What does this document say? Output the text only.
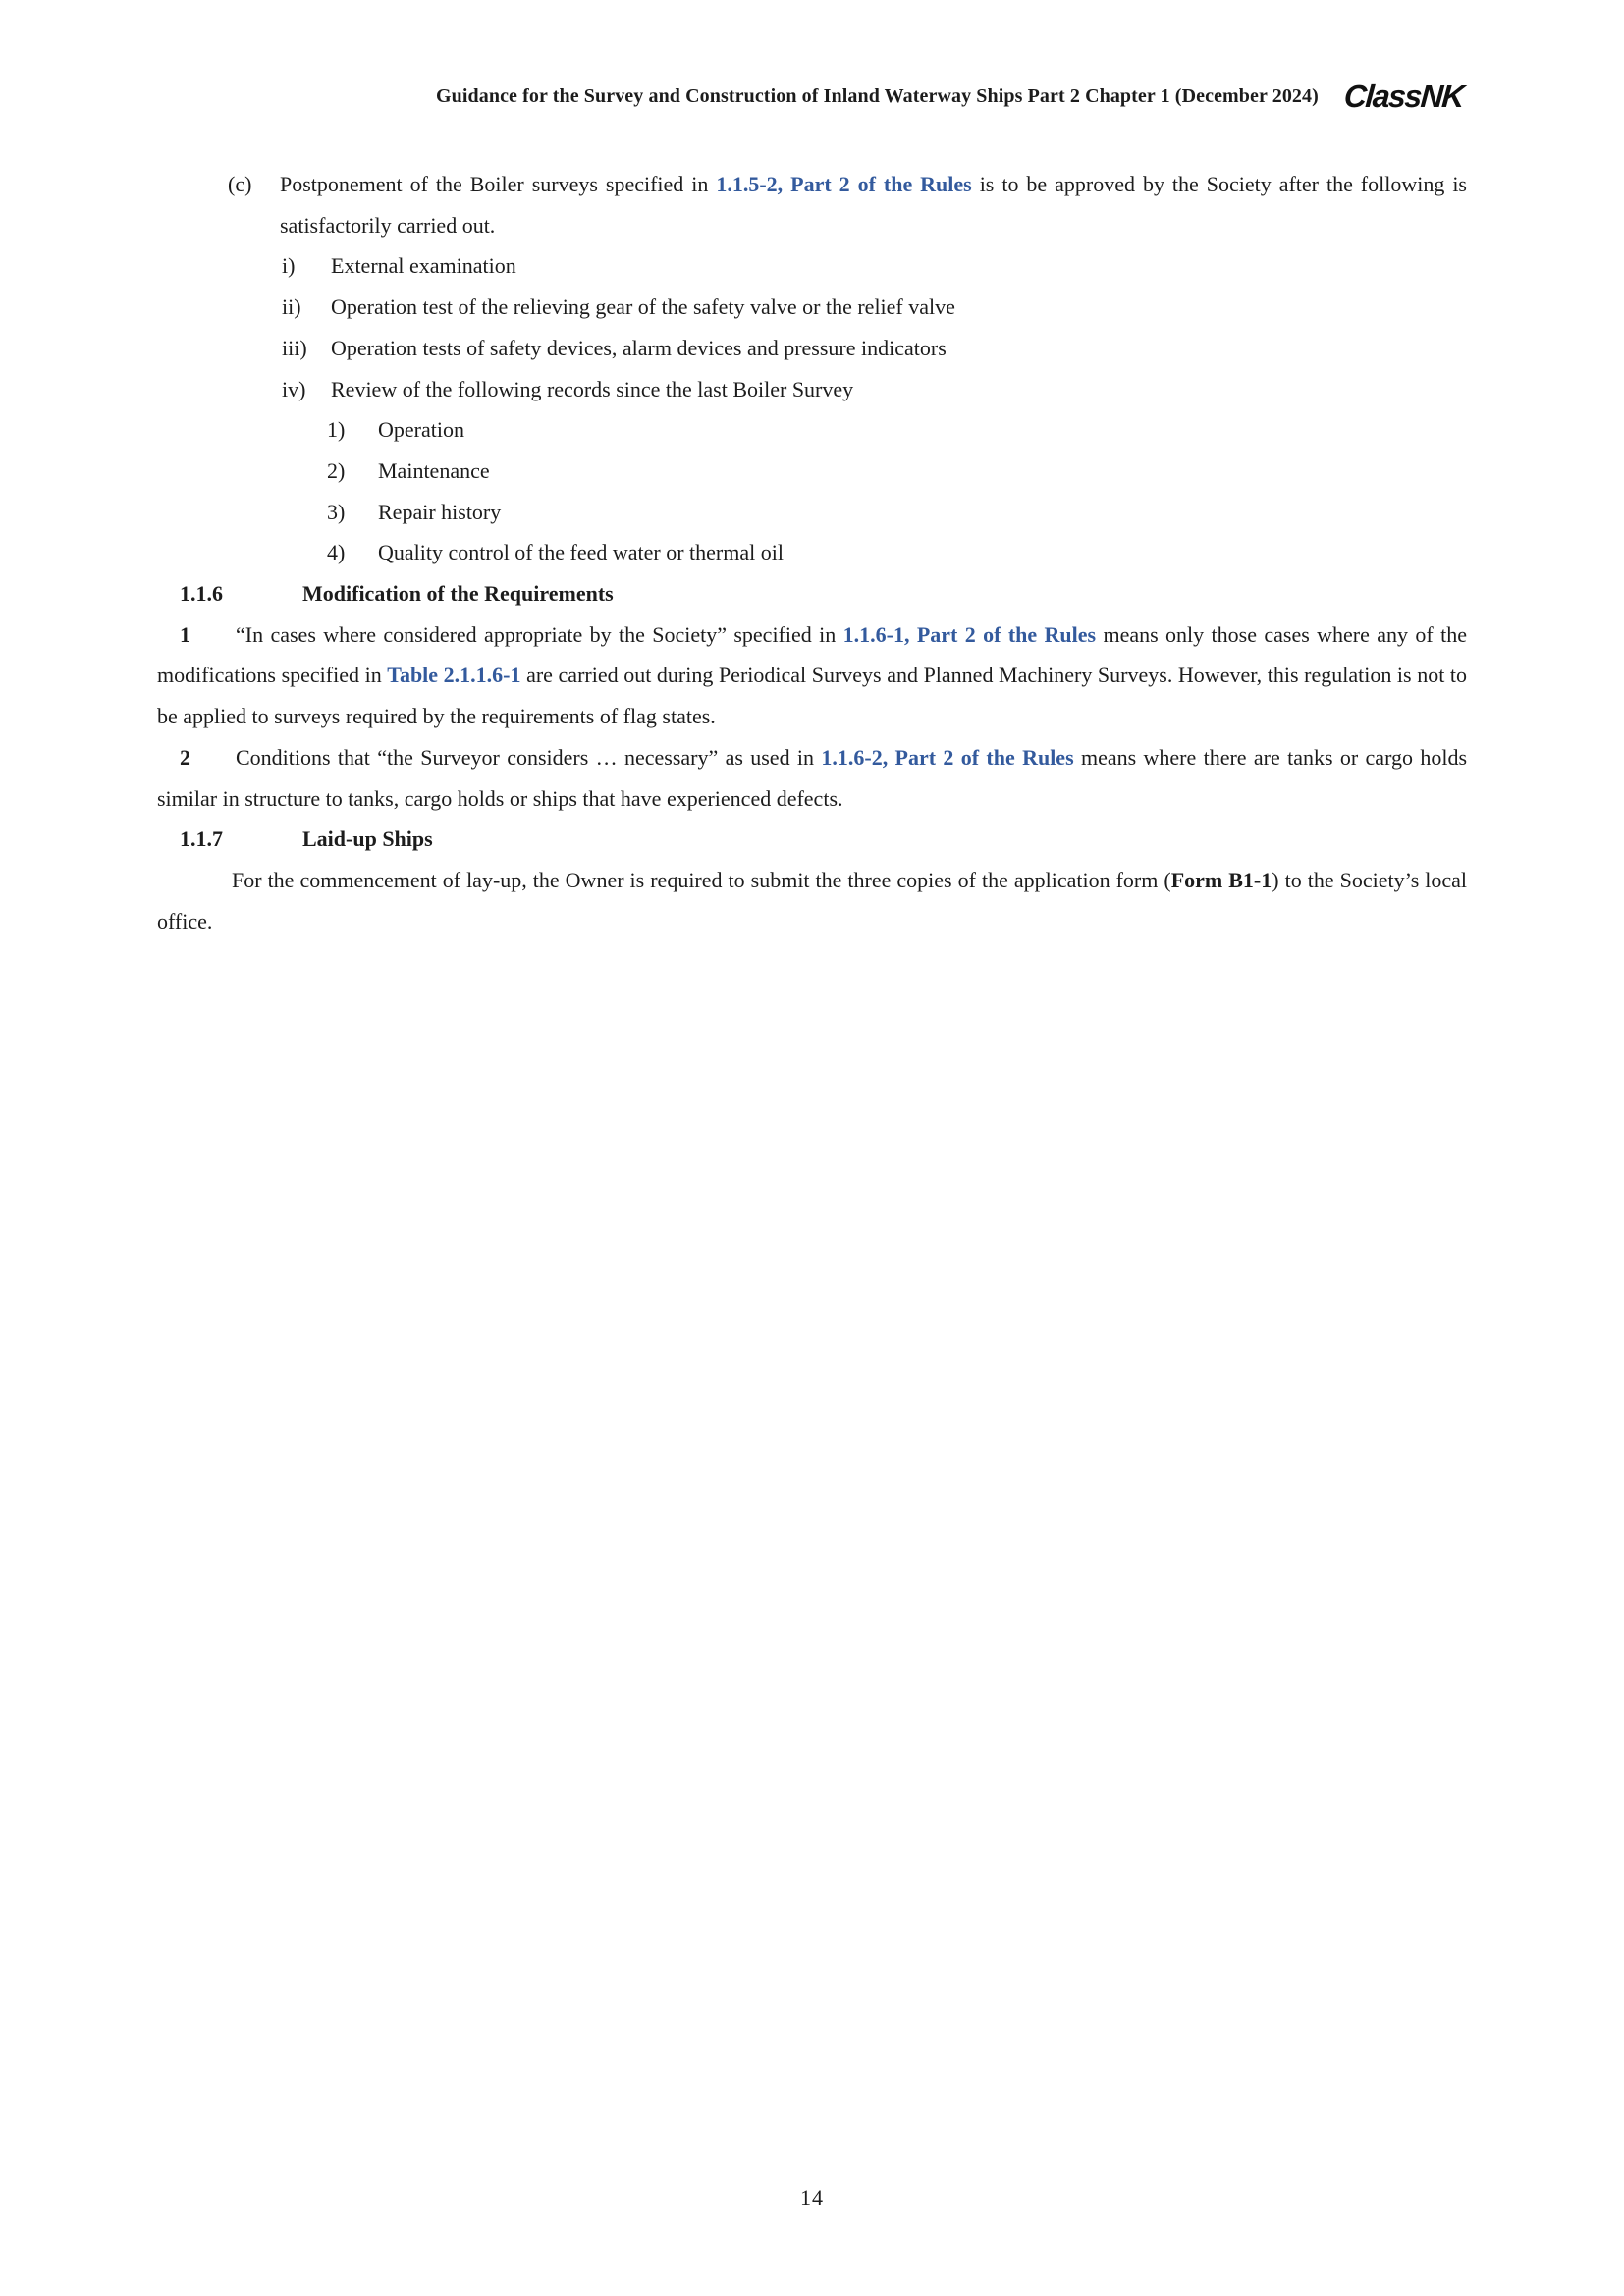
Guidance for the Survey and Construction of Inland Waterway Ships Part 2 Chapter 1 (December 2024) ClassNK

(c) Postponement of the Boiler surveys specified in 1.1.5-2, Part 2 of the Rules is to be approved by the Society after the following is satisfactorily carried out.

i) External examination

ii) Operation test of the relieving gear of the safety valve or the relief valve

iii) Operation tests of safety devices, alarm devices and pressure indicators

iv) Review of the following records since the last Boiler Survey

1) Operation

2) Maintenance

3) Repair history

4) Quality control of the feed water or thermal oil

1.1.6	Modification of the Requirements

1 “In cases where considered appropriate by the Society” specified in 1.1.6-1, Part 2 of the Rules means only those cases where any of the modifications specified in Table 2.1.1.6-1 are carried out during Periodical Surveys and Planned Machinery Surveys. However, this regulation is not to be applied to surveys required by the requirements of flag states.

2 Conditions that “the Surveyor considers … necessary” as used in 1.1.6-2, Part 2 of the Rules means where there are tanks or cargo holds similar in structure to tanks, cargo holds or ships that have experienced defects.

1.1.7	Laid-up Ships

For the commencement of lay-up, the Owner is required to submit the three copies of the application form (Form B1-1) to the Society’s local office.

14
